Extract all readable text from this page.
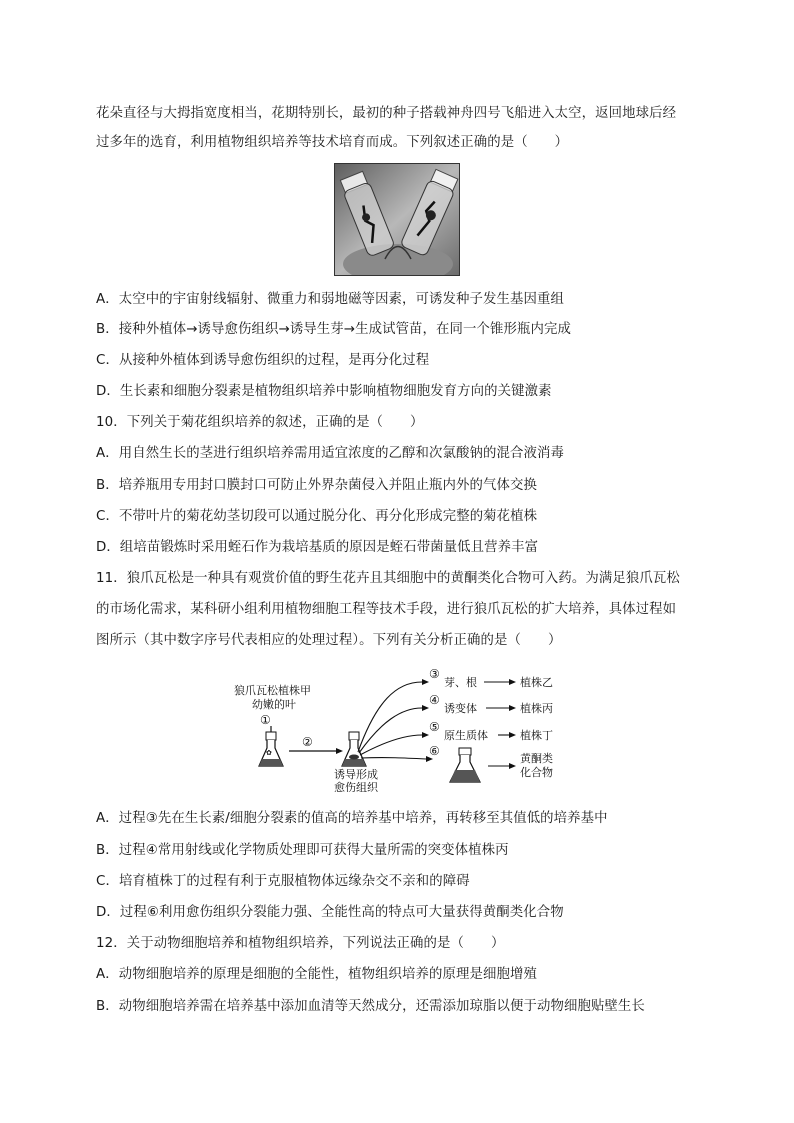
花朵直径与大拇指宽度相当，花期特别长，最初的种子搭载神舟四号飞船进入太空，返回地球后经
过多年的选育，利用植物组织培养等技术培育而成。下列叙述正确的是（　　）
A．太空中的宇宙射线辐射、微重力和弱地磁等因素，可诱发种子发生基因重组
B．接种外植体→诱导愈伤组织→诱导生芽→生成试管苗，在同一个锥形瓶内完成
C．从接种外植体到诱导愈伤组织的过程，是再分化过程
D．生长素和细胞分裂素是植物组织培养中影响植物细胞发育方向的关键激素
10．下列关于菊花组织培养的叙述，正确的是（　　）
A．用自然生长的茎进行组织培养需用适宜浓度的乙醇和次氯酸钠的混合液消毒
B．培养瓶用专用封口膜封口可防止外界杂菌侵入并阻止瓶内外的气体交换
C．不带叶片的菊花幼茎切段可以通过脱分化、再分化形成完整的菊花植株
D．组培苗锻炼时采用蛭石作为栽培基质的原因是蛭石带菌量低且营养丰富
11．狼爪瓦松是一种具有观赏价值的野生花卉且其细胞中的黄酮类化合物可入药。为满足狼爪瓦松
的市场化需求，某科研小组利用植物细胞工程等技术手段，进行狼爪瓦松的扩大培养，具体过程如
图所示（其中数字序号代表相应的处理过程）。下列有关分析正确的是（　　）
狼爪瓦松植株甲
幼嫩的叶
①
✿
②
诱导形成
愈伤组织
③
④
⑤
⑥
芽、根
诱变体
原生质体
植株乙
植株丙
植株丁
黄酮类
化合物
A．过程③先在生长素/细胞分裂素的值高的培养基中培养，再转移至其值低的培养基中
B．过程④常用射线或化学物质处理即可获得大量所需的突变体植株丙
C．培育植株丁的过程有利于克服植物体远缘杂交不亲和的障碍
D．过程⑥利用愈伤组织分裂能力强、全能性高的特点可大量获得黄酮类化合物
12．关于动物细胞培养和植物组织培养，下列说法正确的是（　　）
A．动物细胞培养的原理是细胞的全能性，植物组织培养的原理是细胞增殖
B．动物细胞培养需在培养基中添加血清等天然成分，还需添加琼脂以便于动物细胞贴壁生长
